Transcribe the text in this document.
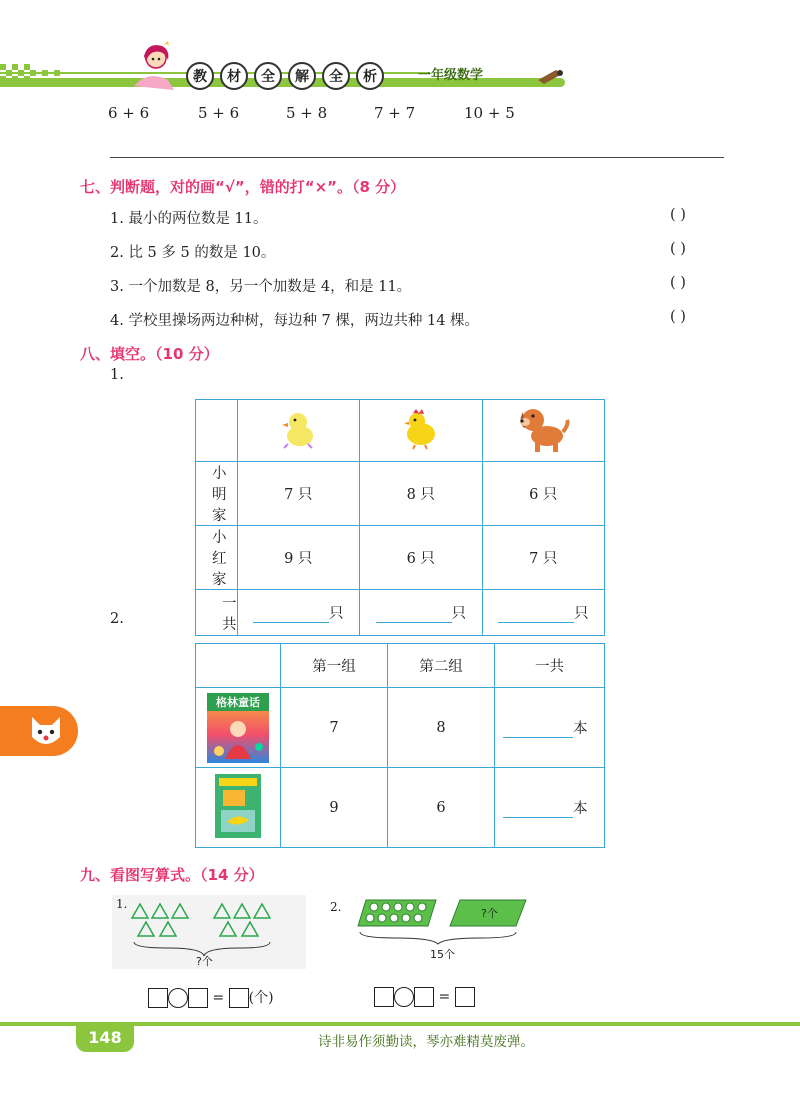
教 材 全 解 全 析	一年级数学
6 + 6	5 + 6	5 + 8	7 + 7	10 + 5
七、判断题，对的画“√”，错的打“×”。（8 分）
1. 最小的两位数是 11。	( )
2. 比 5 多 5 的数是 10。	( )
3. 一个加数是 8，另一个加数是 4，和是 11。	( )
4. 学校里操场两边种树，每边种 7 棵，两边共种 14 棵。	( )
八、填空。（10 分）
1.

小明家	7 只	8 只	6 只
小红家	9 只	6 只	7 只
一共	只	只	只
2.
	第一组	第二组	一共

格林童话	7	8	本
	9	6	本
九、看图写算式。（14 分）
1.
?个
2.	?个
15个
= (个)	=
148	诗非易作须勤读，琴亦难精莫废弹。
